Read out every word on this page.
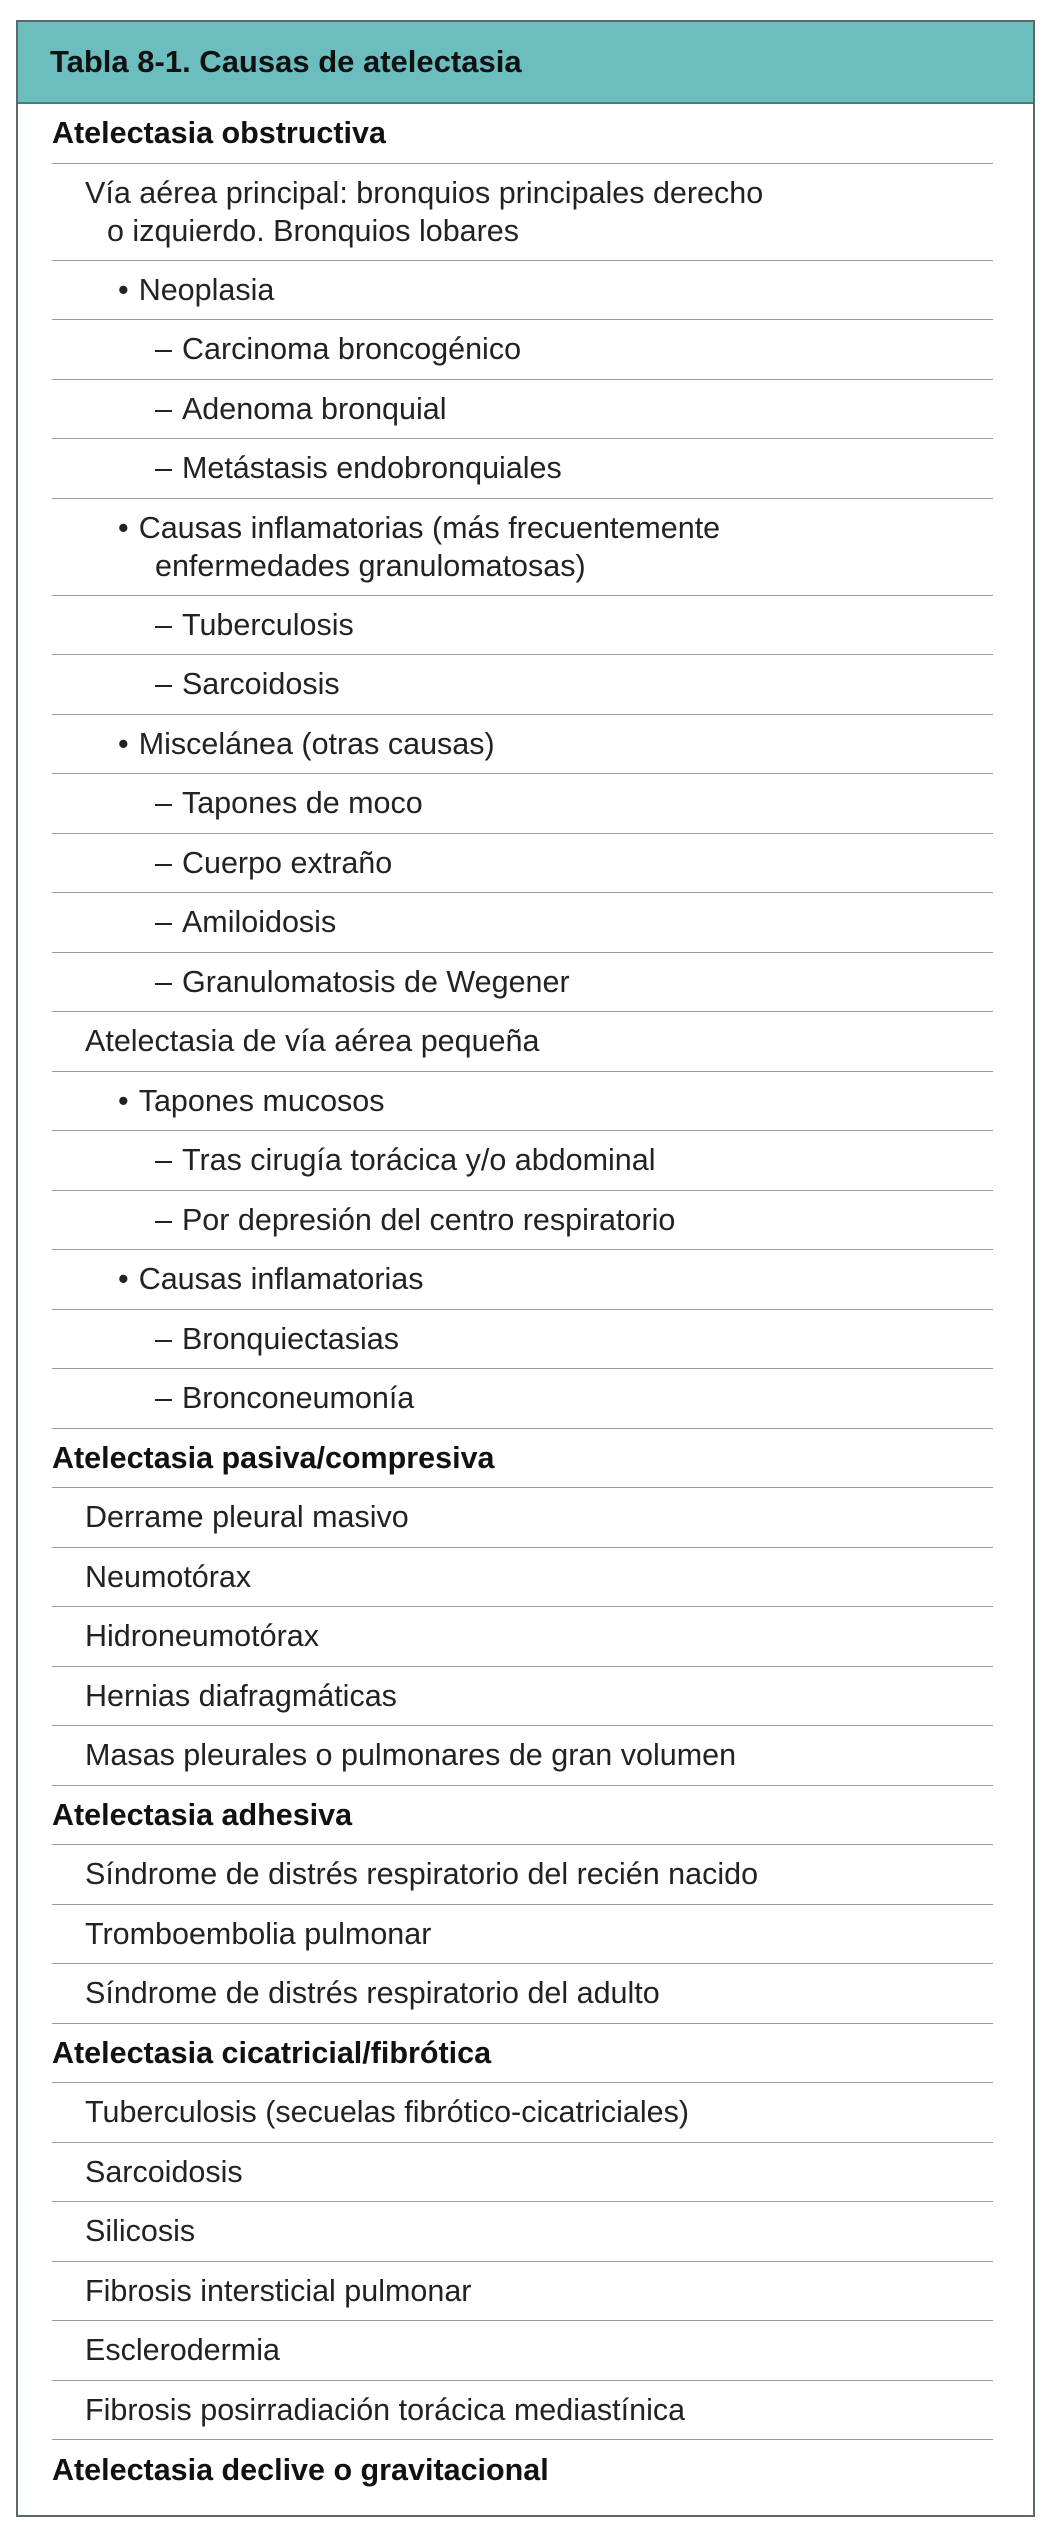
Tabla 8-1. Causas de atelectasia
Atelectasia obstructiva
Vía aérea principal: bronquios principales derecho
o izquierdo. Bronquios lobares
• Neoplasia
– Carcinoma broncogénico
– Adenoma bronquial
– Metástasis endobronquiales
• Causas inflamatorias (más frecuentemente
enfermedades granulomatosas)
– Tuberculosis
– Sarcoidosis
• Miscelánea (otras causas)
– Tapones de moco
– Cuerpo extraño
– Amiloidosis
– Granulomatosis de Wegener
Atelectasia de vía aérea pequeña
• Tapones mucosos
– Tras cirugía torácica y/o abdominal
– Por depresión del centro respiratorio
• Causas inflamatorias
– Bronquiectasias
– Bronconeumonía
Atelectasia pasiva/compresiva
Derrame pleural masivo
Neumotórax
Hidroneumotórax
Hernias diafragmáticas
Masas pleurales o pulmonares de gran volumen
Atelectasia adhesiva
Síndrome de distrés respiratorio del recién nacido
Tromboembolia pulmonar
Síndrome de distrés respiratorio del adulto
Atelectasia cicatricial/fibrótica
Tuberculosis (secuelas fibrótico-cicatriciales)
Sarcoidosis
Silicosis
Fibrosis intersticial pulmonar
Esclerodermia
Fibrosis posirradiación torácica mediastínica
Atelectasia declive o gravitacional
